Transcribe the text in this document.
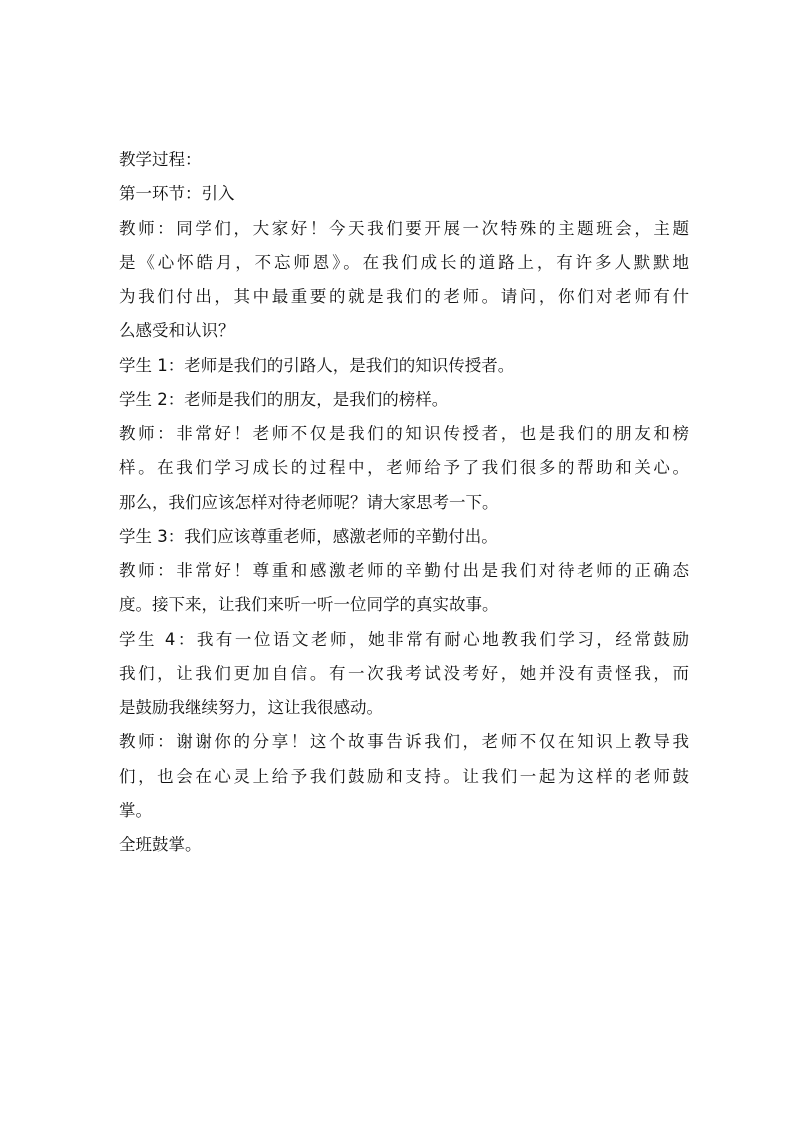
教学过程：
第一环节：引入
教师：同学们，大家好！今天我们要开展一次特殊的主题班会，主题
是《心怀皓月，不忘师恩》。在我们成长的道路上，有许多人默默地
为我们付出，其中最重要的就是我们的老师。请问，你们对老师有什
么感受和认识？
学生 1：老师是我们的引路人，是我们的知识传授者。
学生 2：老师是我们的朋友，是我们的榜样。
教师：非常好！老师不仅是我们的知识传授者，也是我们的朋友和榜
样。在我们学习成长的过程中，老师给予了我们很多的帮助和关心。
那么，我们应该怎样对待老师呢？请大家思考一下。
学生 3：我们应该尊重老师，感激老师的辛勤付出。
教师：非常好！尊重和感激老师的辛勤付出是我们对待老师的正确态
度。接下来，让我们来听一听一位同学的真实故事。
学生 4：我有一位语文老师，她非常有耐心地教我们学习，经常鼓励
我们，让我们更加自信。有一次我考试没考好，她并没有责怪我，而
是鼓励我继续努力，这让我很感动。
教师：谢谢你的分享！这个故事告诉我们，老师不仅在知识上教导我
们，也会在心灵上给予我们鼓励和支持。让我们一起为这样的老师鼓
掌。
全班鼓掌。
